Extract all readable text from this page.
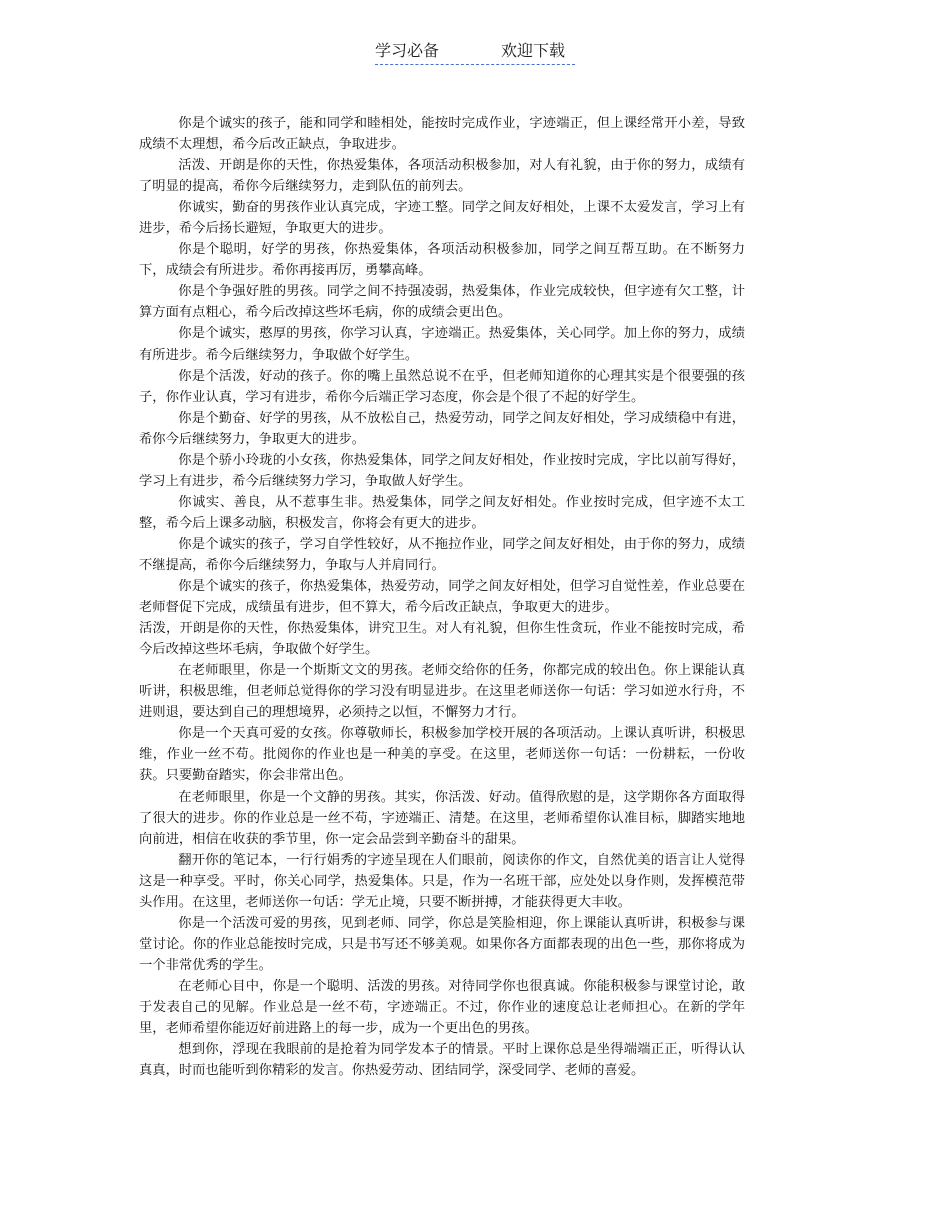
学习必备	欢迎下载

你是个诚实的孩子，能和同学和睦相处，能按时完成作业，字迹端正，但上课经常开小差，导致成绩不太理想，希今后改正缺点，争取进步。

活泼、开朗是你的天性，你热爱集体，各项活动积极参加，对人有礼貌，由于你的努力，成绩有了明显的提高，希你今后继续努力，走到队伍的前列去。

你诚实，勤奋的男孩作业认真完成，字迹工整。同学之间友好相处，上课不太爱发言，学习上有进步，希今后扬长避短，争取更大的进步。

你是个聪明，好学的男孩，你热爱集体，各项活动积极参加，同学之间互帮互助。在不断努力下，成绩会有所进步。希你再接再厉，勇攀高峰。

你是个争强好胜的男孩。同学之间不持强凌弱，热爱集体，作业完成较快，但字迹有欠工整，计算方面有点粗心，希今后改掉这些坏毛病，你的成绩会更出色。

你是个诚实，憨厚的男孩，你学习认真，字迹端正。热爱集体，关心同学。加上你的努力，成绩有所进步。希今后继续努力，争取做个好学生。

你是个活泼，好动的孩子。你的嘴上虽然总说不在乎，但老师知道你的心理其实是个很要强的孩子，你作业认真，学习有进步，希你今后端正学习态度，你会是个很了不起的好学生。

你是个勤奋、好学的男孩，从不放松自己，热爱劳动，同学之间友好相处，学习成绩稳中有进，希你今后继续努力，争取更大的进步。

你是个骄小玲珑的小女孩，你热爱集体，同学之间友好相处，作业按时完成，字比以前写得好，学习上有进步，希今后继续努力学习，争取做人好学生。

你诚实、善良，从不惹事生非。热爱集体，同学之间友好相处。作业按时完成，但字迹不太工整，希今后上课多动脑，积极发言，你将会有更大的进步。

你是个诚实的孩子，学习自学性较好，从不拖拉作业，同学之间友好相处，由于你的努力，成绩不继提高，希你今后继续努力，争取与人并肩同行。

你是个诚实的孩子，你热爱集体，热爱劳动，同学之间友好相处，但学习自觉性差，作业总要在老师督促下完成，成绩虽有进步，但不算大，希今后改正缺点，争取更大的进步。

活泼，开朗是你的天性，你热爱集体，讲究卫生。对人有礼貌，但你生性贪玩，作业不能按时完成，希今后改掉这些坏毛病，争取做个好学生。

在老师眼里，你是一个斯斯文文的男孩。老师交给你的任务，你都完成的较出色。你上课能认真听讲，积极思维，但老师总觉得你的学习没有明显进步。在这里老师送你一句话：学习如逆水行舟，不进则退，要达到自己的理想境界，必须持之以恒，不懈努力才行。

你是一个天真可爱的女孩。你尊敬师长，积极参加学校开展的各项活动。上课认真听讲，积极思维，作业一丝不苟。批阅你的作业也是一种美的享受。在这里，老师送你一句话：一份耕耘，一份收获。只要勤奋踏实，你会非常出色。

在老师眼里，你是一个文静的男孩。其实，你活泼、好动。值得欣慰的是，这学期你各方面取得了很大的进步。你的作业总是一丝不苟，字迹端正、清楚。在这里，老师希望你认准目标，脚踏实地地向前进，相信在收获的季节里，你一定会品尝到辛勤奋斗的甜果。

翻开你的笔记本，一行行娟秀的字迹呈现在人们眼前，阅读你的作文，自然优美的语言让人觉得这是一种享受。平时，你关心同学，热爱集体。只是，作为一名班干部，应处处以身作则，发挥模范带头作用。在这里，老师送你一句话：学无止境，只要不断拼搏，才能获得更大丰收。

你是一个活泼可爱的男孩，见到老师、同学，你总是笑脸相迎，你上课能认真听讲，积极参与课堂讨论。你的作业总能按时完成，只是书写还不够美观。如果你各方面都表现的出色一些，那你将成为一个非常优秀的学生。

在老师心目中，你是一个聪明、活泼的男孩。对待同学你也很真诚。你能积极参与课堂讨论，敢于发表自己的见解。作业总是一丝不苟，字迹端正。不过，你作业的速度总让老师担心。在新的学年里，老师希望你能迈好前进路上的每一步，成为一个更出色的男孩。

想到你，浮现在我眼前的是抢着为同学发本子的情景。平时上课你总是坐得端端正正，听得认认真真，时而也能听到你精彩的发言。你热爱劳动、团结同学，深受同学、老师的喜爱。
